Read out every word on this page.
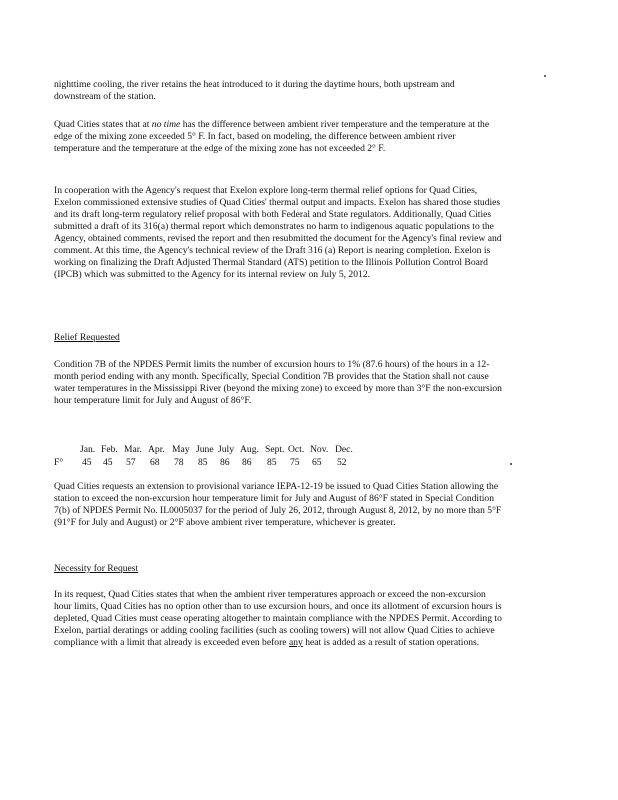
nighttime cooling, the river retains the heat introduced to it during the daytime hours, both upstream and downstream of the station.
Quad Cities states that at no time has the difference between ambient river temperature and the temperature at the edge of the mixing zone exceeded 5° F. In fact, based on modeling, the difference between ambient river temperature and the temperature at the edge of the mixing zone has not exceeded 2° F.
In cooperation with the Agency's request that Exelon explore long-term thermal relief options for Quad Cities, Exelon commissioned extensive studies of Quad Cities' thermal output and impacts. Exelon has shared those studies and its draft long-term regulatory relief proposal with both Federal and State regulators. Additionally, Quad Cities submitted a draft of its 316(a) thermal report which demonstrates no harm to indigenous aquatic populations to the Agency, obtained comments, revised the report and then resubmitted the document for the Agency's final review and comment. At this time, the Agency's technical review of the Draft 316 (a) Report is nearing completion. Exelon is working on finalizing the Draft Adjusted Thermal Standard (ATS) petition to the Illinois Pollution Control Board (IPCB) which was submitted to the Agency for its internal review on July 5, 2012.
Relief Requested
Condition 7B of the NPDES Permit limits the number of excursion hours to 1% (87.6 hours) of the hours in a 12-month period ending with any month. Specifically, Special Condition 7B provides that the Station shall not cause water temperatures in the Mississippi River (beyond the mixing zone) to exceed by more than 3°F the non-excursion hour temperature limit for July and August of 86°F.
Jan. Feb. Mar. Apr. May June July Aug. Sept. Oct. Nov. Dec.
F° 45 45 57 68 78 85 86 86 85 75 65 52
Quad Cities requests an extension to provisional variance IEPA-12-19 be issued to Quad Cities Station allowing the station to exceed the non-excursion hour temperature limit for July and August of 86°F stated in Special Condition 7(b) of NPDES Permit No. IL0005037 for the period of July 26, 2012, through August 8, 2012, by no more than 5°F (91°F for July and August) or 2°F above ambient river temperature, whichever is greater.
Necessity for Request
In its request, Quad Cities states that when the ambient river temperatures approach or exceed the non-excursion hour limits, Quad Cities has no option other than to use excursion hours, and once its allotment of excursion hours is depleted, Quad Cities must cease operating altogether to maintain compliance with the NPDES Permit. According to Exelon, partial deratings or adding cooling facilities (such as cooling towers) will not allow Quad Cities to achieve compliance with a limit that already is exceeded even before any heat is added as a result of station operations.
